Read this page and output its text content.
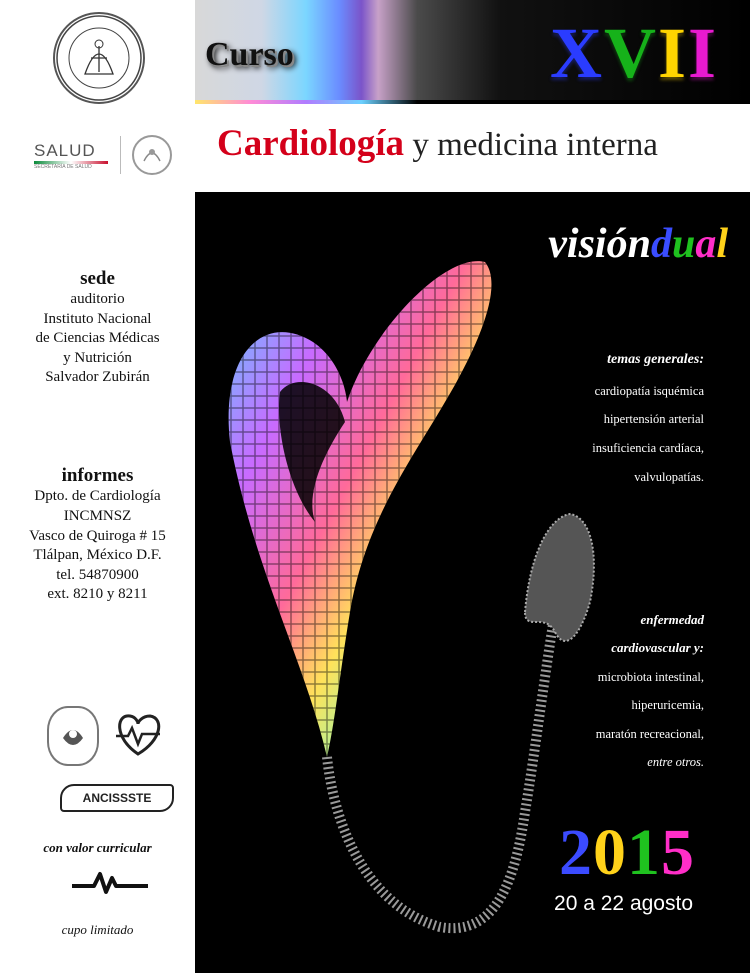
SALUD
SECRETARÍA DE SALUD
sede
auditorio
Instituto Nacional
de Ciencias Médicas
y Nutrición
Salvador Zubirán
informes
Dpto. de Cardiología
INCMNSZ
Vasco de Quiroga # 15
Tlálpan, México D.F.
tel. 54870900
ext. 8210 y 8211
ANCISSSTE
con valor curricular
cupo limitado
Curso	XVII
Cardiología y medicina interna
visióndual
temas generales:
cardiopatía isquémica
hipertensión arterial
insuficiencia cardíaca,
valvulopatías.
enfermedad
cardiovascular y:
microbiota intestinal,
hiperuricemia,
maratón recreacional,
entre otros.
2015
20 a 22 agosto
